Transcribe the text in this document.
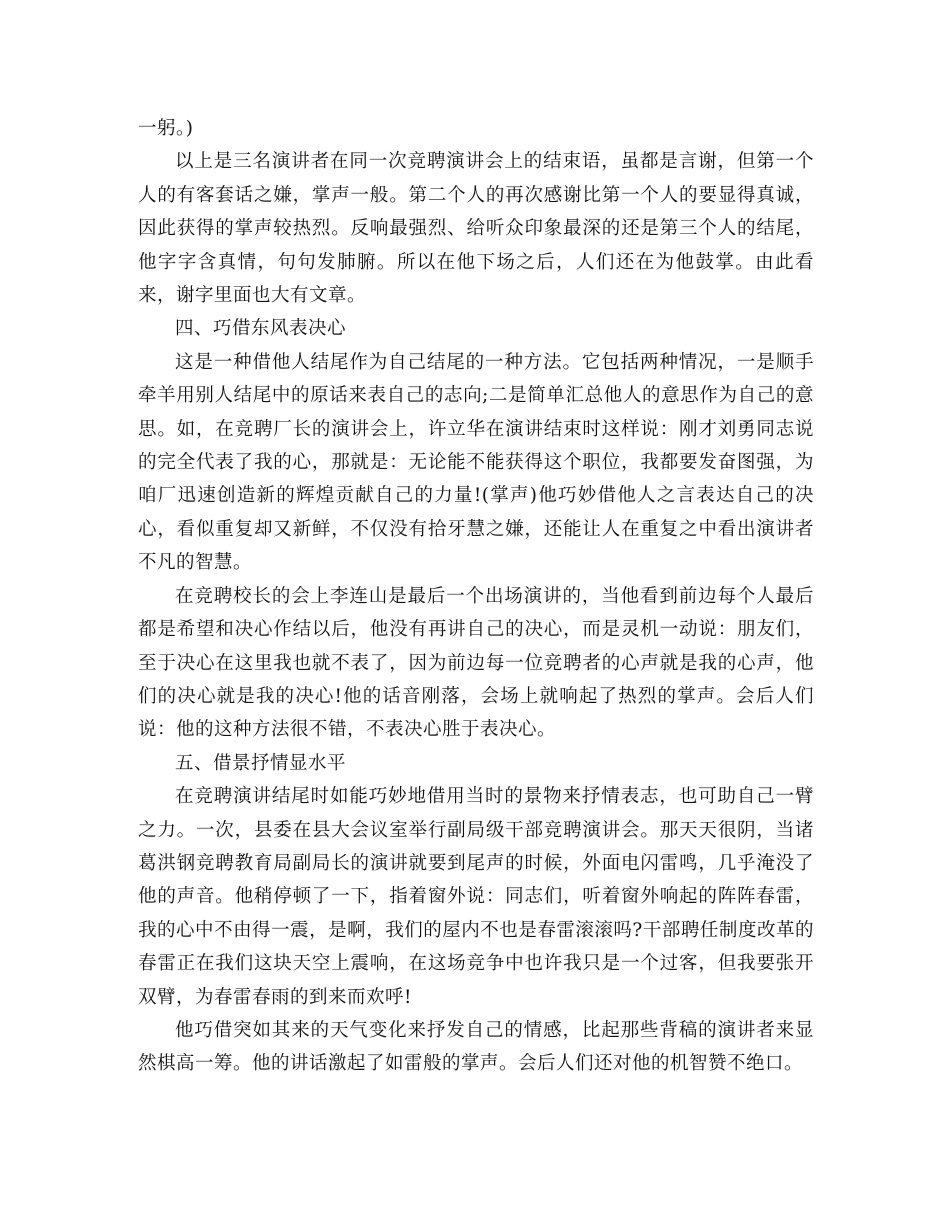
一躬。)

以上是三名演讲者在同一次竞聘演讲会上的结束语，虽都是言谢，但第一个人的有客套话之嫌，掌声一般。第二个人的再次感谢比第一个人的要显得真诚，因此获得的掌声较热烈。反响最强烈、给听众印象最深的还是第三个人的结尾，他字字含真情，句句发肺腑。所以在他下场之后，人们还在为他鼓掌。由此看来，谢字里面也大有文章。

四、巧借东风表决心

这是一种借他人结尾作为自己结尾的一种方法。它包括两种情况，一是顺手牵羊用别人结尾中的原话来表自己的志向;二是简单汇总他人的意思作为自己的意思。如，在竞聘厂长的演讲会上，许立华在演讲结束时这样说：刚才刘勇同志说的完全代表了我的心，那就是：无论能不能获得这个职位，我都要发奋图强，为咱厂迅速创造新的辉煌贡献自己的力量!(掌声)他巧妙借他人之言表达自己的决心，看似重复却又新鲜，不仅没有拾牙慧之嫌，还能让人在重复之中看出演讲者不凡的智慧。

在竞聘校长的会上李连山是最后一个出场演讲的，当他看到前边每个人最后都是希望和决心作结以后，他没有再讲自己的决心，而是灵机一动说：朋友们，至于决心在这里我也就不表了，因为前边每一位竞聘者的心声就是我的心声，他们的决心就是我的决心!他的话音刚落，会场上就响起了热烈的掌声。会后人们说：他的这种方法很不错，不表决心胜于表决心。

五、借景抒情显水平

在竞聘演讲结尾时如能巧妙地借用当时的景物来抒情表志，也可助自己一臂之力。一次，县委在县大会议室举行副局级干部竞聘演讲会。那天天很阴，当诸葛洪钢竞聘教育局副局长的演讲就要到尾声的时候，外面电闪雷鸣，几乎淹没了他的声音。他稍停顿了一下，指着窗外说：同志们，听着窗外响起的阵阵春雷，我的心中不由得一震，是啊，我们的屋内不也是春雷滚滚吗?干部聘任制度改革的春雷正在我们这块天空上震响，在这场竞争中也许我只是一个过客，但我要张开双臂，为春雷春雨的到来而欢呼!

他巧借突如其来的天气变化来抒发自己的情感，比起那些背稿的演讲者来显然棋高一筹。他的讲话激起了如雷般的掌声。会后人们还对他的机智赞不绝口。
